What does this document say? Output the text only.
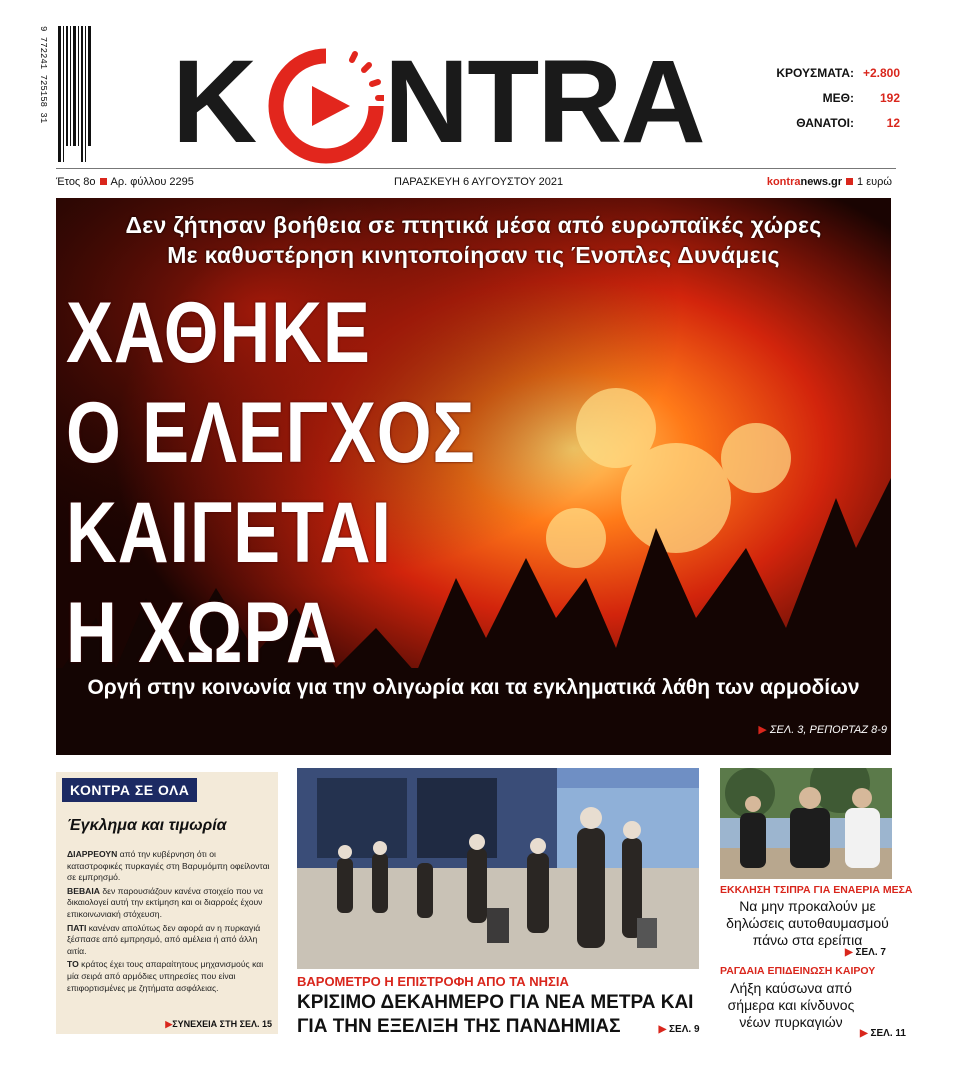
9 772241 725158 31 K NTRA	ΚΡΟΥΣΜΑΤΑ: +2.800
ΜΕΘ:	192
ΘΑΝΑΤΟΙ:	12
Έτος 8ο Αρ. φύλλου 2295	ΠΑΡΑΣΚΕΥΗ 6 ΑΥΓΟΥΣΤΟΥ 2021	kontranews.gr 1 ευρώ
Δεν ζήτησαν βοήθεια σε πτητικά μέσα από ευρωπαϊκές χώρες
Με καθυστέρηση κινητοποίησαν τις Ένοπλες Δυνάμεις
ΧΑΘΗΚΕ
Ο ΕΛΕΓΧΟΣ
ΚΑΙΓΕΤΑΙ
Η ΧΩΡΑ
Οργή στην κοινωνία για την ολιγωρία και τα εγκληματικά λάθη των αρμοδίων
▶ ΣΕΛ. 3, ΡΕΠΟΡΤΑΖ 8-9
ΚΟΝΤΡΑ ΣΕ ΟΛΑ
Έγκλημα και τιμωρία

ΔΙΑΡΡΕΟΥΝ από την κυβέρνηση ότι οι καταστροφικές πυρκαγιές στη Βαρυμόμπη οφείλονται σε εμπρησμό.

ΒΕΒΑΙΑ δεν παρουσιάζουν κανένα στοιχείο που να δικαιολογεί αυτή την εκτίμηση και οι διαρροές έχουν επικοινωνιακή στόχευση.

ΠΑΤΙ κανέναν απολύτως δεν αφορά αν η πυρκαγιά ξέσπασε από εμπρησμό, από αμέλεια ή από άλλη αιτία.

ΤΟ κράτος έχει τους απαραίτητους μηχανισμούς και μία σειρά από αρμόδιες υπηρεσίες που είναι επιφορτισμένες με ζητήματα ασφάλειας.

▶ΣΥΝΕΧΕΙΑ ΣΤΗ ΣΕΛ. 15
ΒΑΡΟΜΕΤΡΟ Η ΕΠΙΣΤΡΟΦΗ ΑΠΟ ΤΑ ΝΗΣΙΑ
ΚΡΙΣΙΜΟ ΔΕΚΑΗΜΕΡΟ ΓΙΑ ΝΕΑ ΜΕΤΡΑ ΚΑΙ
ΓΙΑ ΤΗΝ ΕΞΕΛΙΞΗ ΤΗΣ ΠΑΝΔΗΜΙΑΣ	▶ ΣΕΛ. 9
ΕΚΚΛΗΣΗ ΤΣΙΠΡΑ ΓΙΑ ΕΝΑΕΡΙΑ ΜΕΣΑ
Να μην προκαλούν με
δηλώσεις αυτοθαυμασμού
πάνω στα ερείπια
▶ ΣΕΛ. 7
ΡΑΓΔΑΙΑ ΕΠΙΔΕΙΝΩΣΗ ΚΑΙΡΟΥ
Λήξη καύσωνα από
σήμερα και κίνδυνος
νέων πυρκαγιών
▶ ΣΕΛ. 11
